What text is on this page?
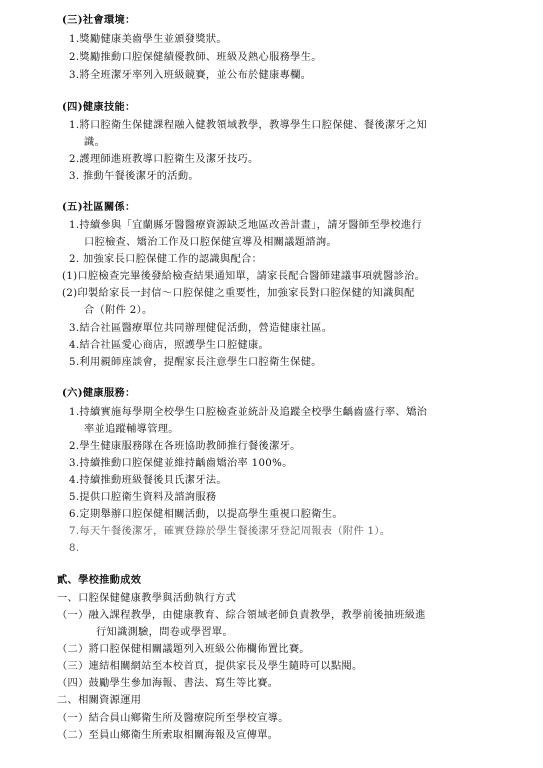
(三)社會環境：
1.獎勵健康美齒學生並頒發獎狀。
2.獎勵推動口腔保健績優教師、班級及熱心服務學生。
3.將全班潔牙率列入班級競賽，並公布於健康專欄。
(四)健康技能：
1.將口腔衛生保健課程融入健教領域教學，教導學生口腔保健、餐後潔牙之知
識。
2.護理師進班教導口腔衛生及潔牙技巧。
3. 推動午餐後潔牙的活動。
(五)社區關係：
1.持續參與「宜蘭縣牙醫醫療資源缺乏地區改善計畫」，請牙醫師至學校進行
口腔檢查、矯治工作及口腔保健宣導及相關議題諮詢。
2. 加強家長口腔保健工作的認識與配合：
(1)口腔檢查完畢後發給檢查結果通知單，請家長配合醫師建議事項就醫診治。
(2)印製給家長一封信～口腔保健之重要性，加強家長對口腔保健的知識與配
合（附件 2）。
3.結合社區醫療單位共同辦理健促活動，營造健康社區。
4.結合社區愛心商店，照護學生口腔健康。
5.利用親師座談會，提醒家長注意學生口腔衛生保健。
(六)健康服務：
1.持續實施每學期全校學生口腔檢查並統計及追蹤全校學生齲齒盛行率、矯治
率並追蹤輔導管理。
2.學生健康服務隊在各班協助教師推行餐後潔牙。
3.持續推動口腔保健並維持齲齒矯治率 100%。
4.持續推動班級餐後貝氏潔牙法。
5.提供口腔衛生資料及諮詢服務
6.定期舉辦口腔保健相關活動，以提高學生重視口腔衛生。
7.每天午餐後潔牙，確實登錄於學生餐後潔牙登記周報表（附件 1）。
8.
貳、學校推動成效
一、口腔保健健康教學與活動執行方式
（一）融入課程教學，由健康教育、綜合領域老師負責教學，教學前後抽班級進
行知識測驗，問卷或學習單。
（二）將口腔保健相關議題列入班級公佈欄佈置比賽。
（三）連結相關網站至本校首頁，提供家長及學生隨時可以點閱。
（四）鼓勵學生參加海報、書法、寫生等比賽。
二、相關資源運用
（一）結合員山鄉衛生所及醫療院所至學校宣導。
（二）至員山鄉衛生所索取相關海報及宣傳單。
